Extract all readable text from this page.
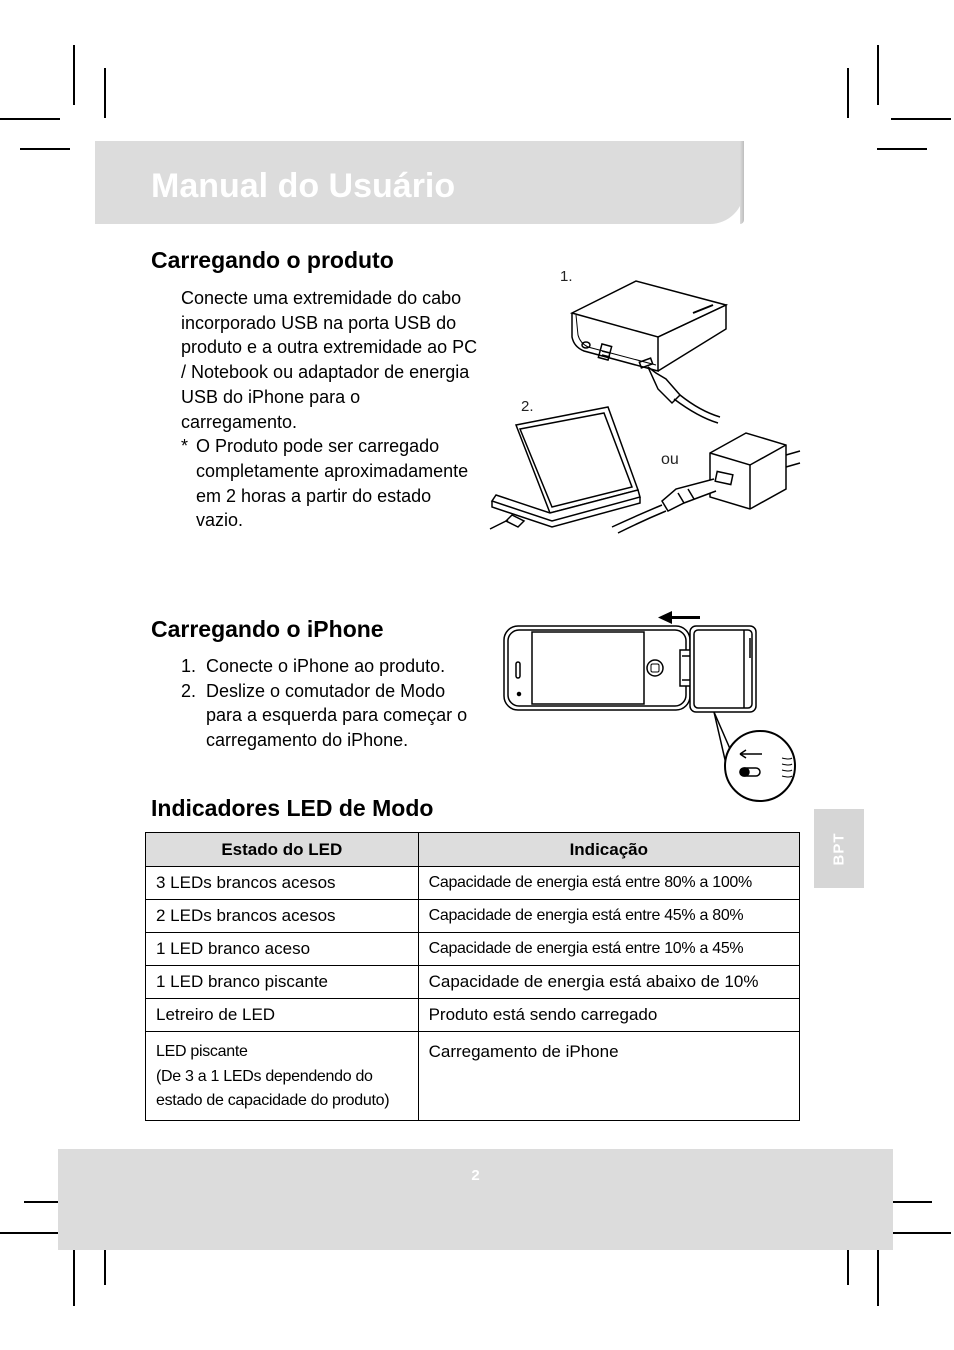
Manual do Usuário
Carregando o produto

Conecte uma extremidade do cabo incorporado USB na porta USB do produto e a outra extremidade ao PC / Notebook ou adaptador de energia USB do iPhone para o carregamento.

* O Produto pode ser carregado completamente aproximadamente em 2 horas a partir do estado vazio.
1.
2.
ou
Carregando o iPhone
1. Conecte o iPhone ao produto.
2. Deslize o comutador de Modo para a esquerda para começar o carregamento do iPhone.
Indicadores LED de Modo
BPT
Estado do LED	Indicação
3 LEDs brancos acesos	Capacidade de energia está entre 80% a 100%
2 LEDs brancos acesos	Capacidade de energia está entre 45% a 80%
1 LED branco aceso	Capacidade de energia está entre 10% a 45%
1 LED branco piscante	Capacidade de energia está abaixo de 10%
Letreiro de LED	Produto está sendo carregado

LED piscante
(De 3 a 1 LEDs dependendo do
estado de capacidade do produto)	Carregamento de iPhone
2
